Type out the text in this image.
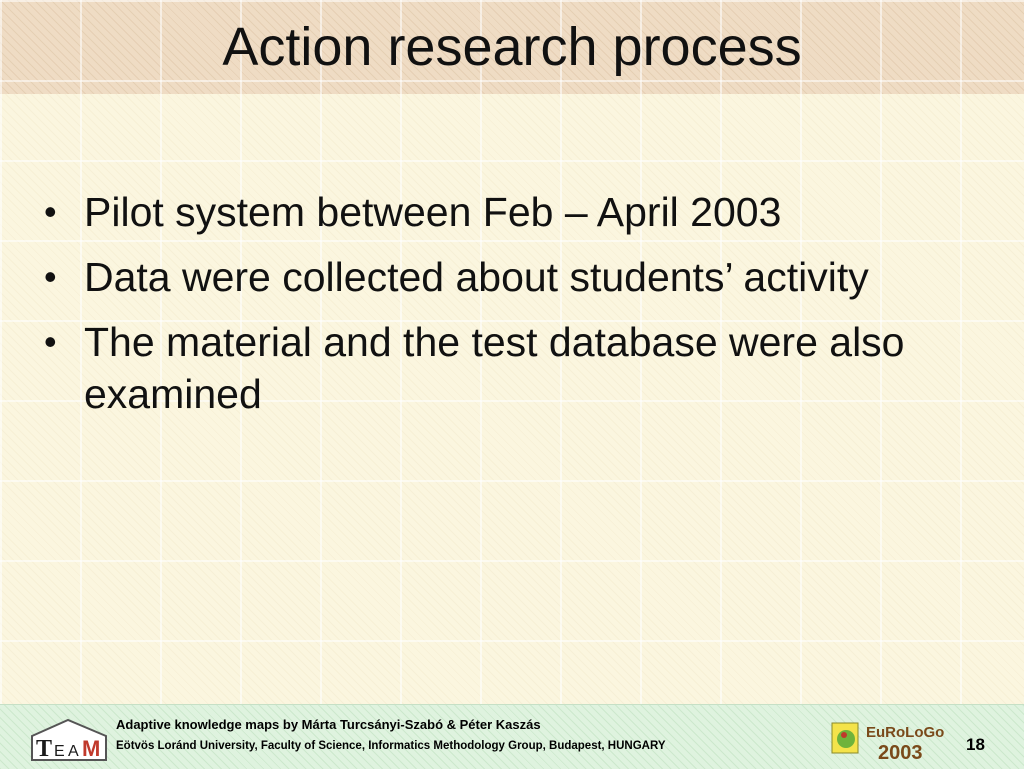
Action research process
• Pilot system between Feb – April 2003
• Data were collected about students’ activity
• The material and the test database were also examined
T E A M
Adaptive knowledge maps by Márta Turcsányi-Szabó & Péter Kaszás
Eötvös Loránd University, Faculty of Science, Informatics Methodology Group, Budapest, HUNGARY
EuRoLoGo
2003	18
